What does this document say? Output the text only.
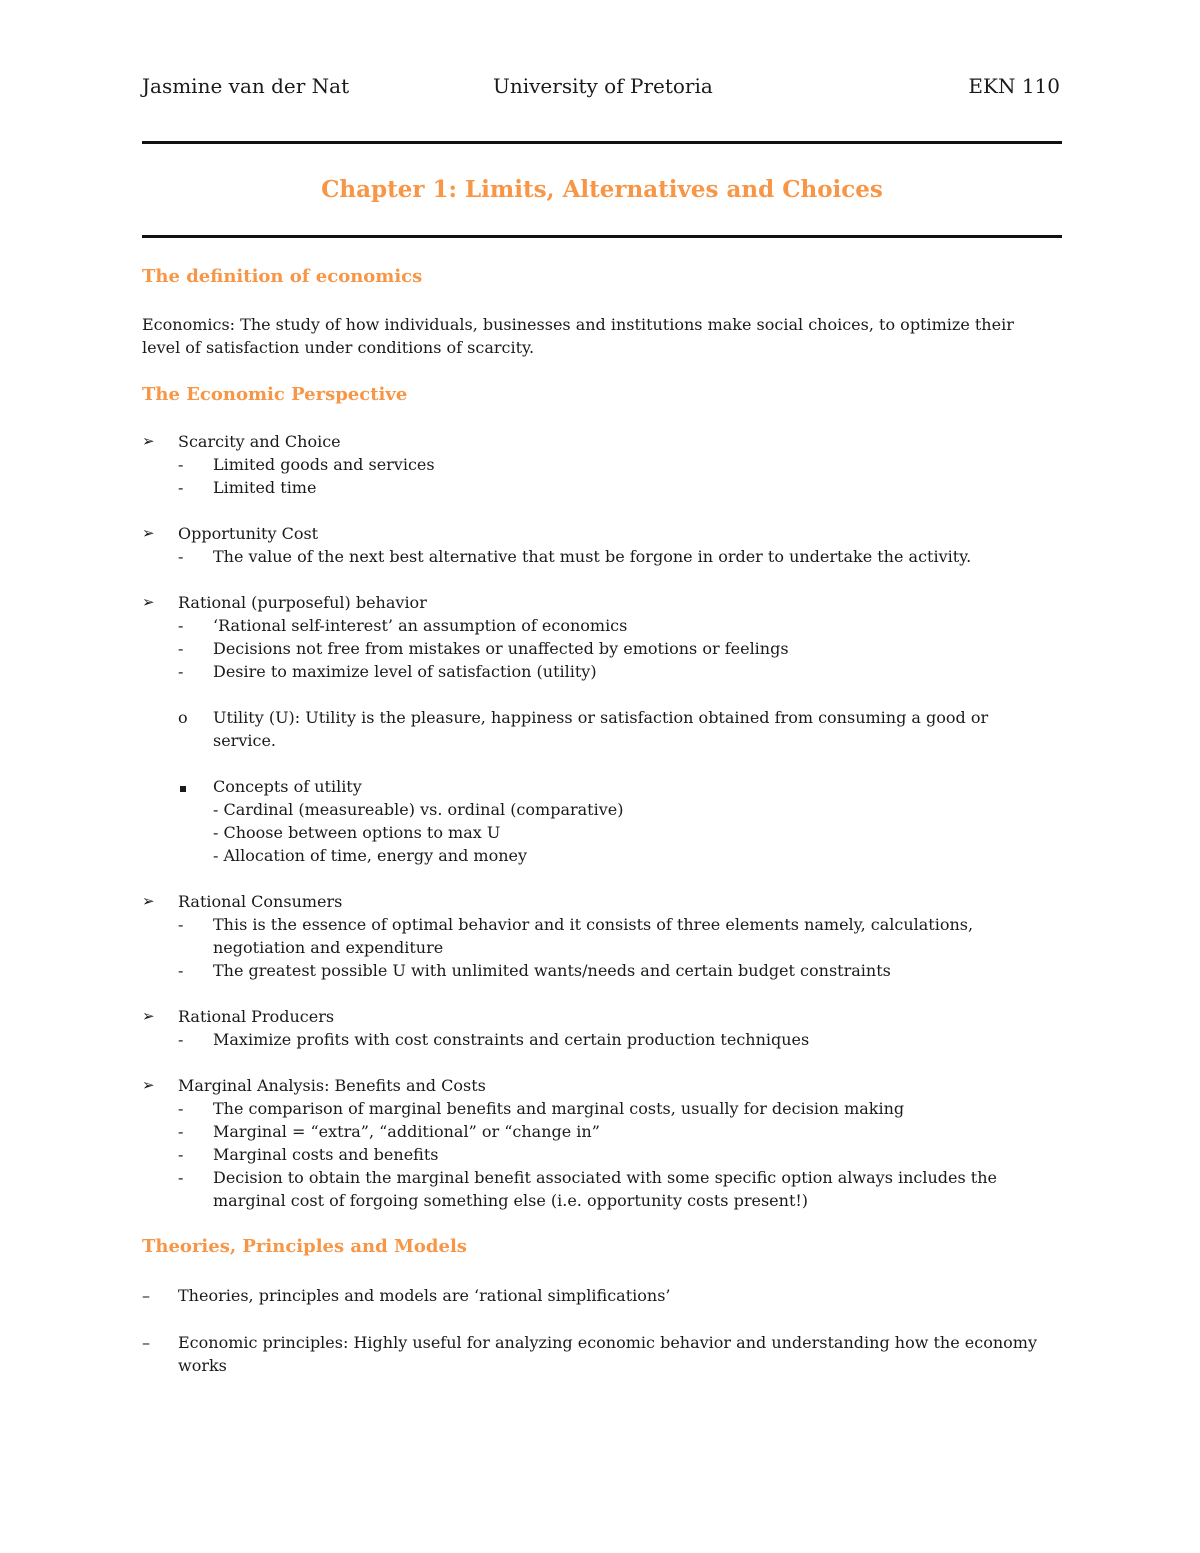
Jasmine van der Nat	University of Pretoria	EKN 110
Chapter 1: Limits, Alternatives and Choices
The definition of economics
Economics: The study of how individuals, businesses and institutions make social choices, to optimize their
level of satisfaction under conditions of scarcity.
The Economic Perspective
➢ Scarcity and Choice
- Limited goods and services
- Limited time
➢ Opportunity Cost
- The value of the next best alternative that must be forgone in order to undertake the activity.
➢ Rational (purposeful) behavior
- ‘Rational self-interest’ an assumption of economics
- Decisions not free from mistakes or unaffected by emotions or feelings
- Desire to maximize level of satisfaction (utility)
o Utility (U): Utility is the pleasure, happiness or satisfaction obtained from consuming a good or
service.
Concepts of utility
- Cardinal (measureable) vs. ordinal (comparative)
- Choose between options to max U
- Allocation of time, energy and money
➢ Rational Consumers
- This is the essence of optimal behavior and it consists of three elements namely, calculations,
negotiation and expenditure
- The greatest possible U with unlimited wants/needs and certain budget constraints
➢ Rational Producers
- Maximize profits with cost constraints and certain production techniques
➢ Marginal Analysis: Benefits and Costs
- The comparison of marginal benefits and marginal costs, usually for decision making
- Marginal = “extra”, “additional” or “change in”
- Marginal costs and benefits
- Decision to obtain the marginal benefit associated with some specific option always includes the
marginal cost of forgoing something else (i.e. opportunity costs present!)
Theories, Principles and Models
– Theories, principles and models are ‘rational simplifications’
– Economic principles: Highly useful for analyzing economic behavior and understanding how the economy
works
